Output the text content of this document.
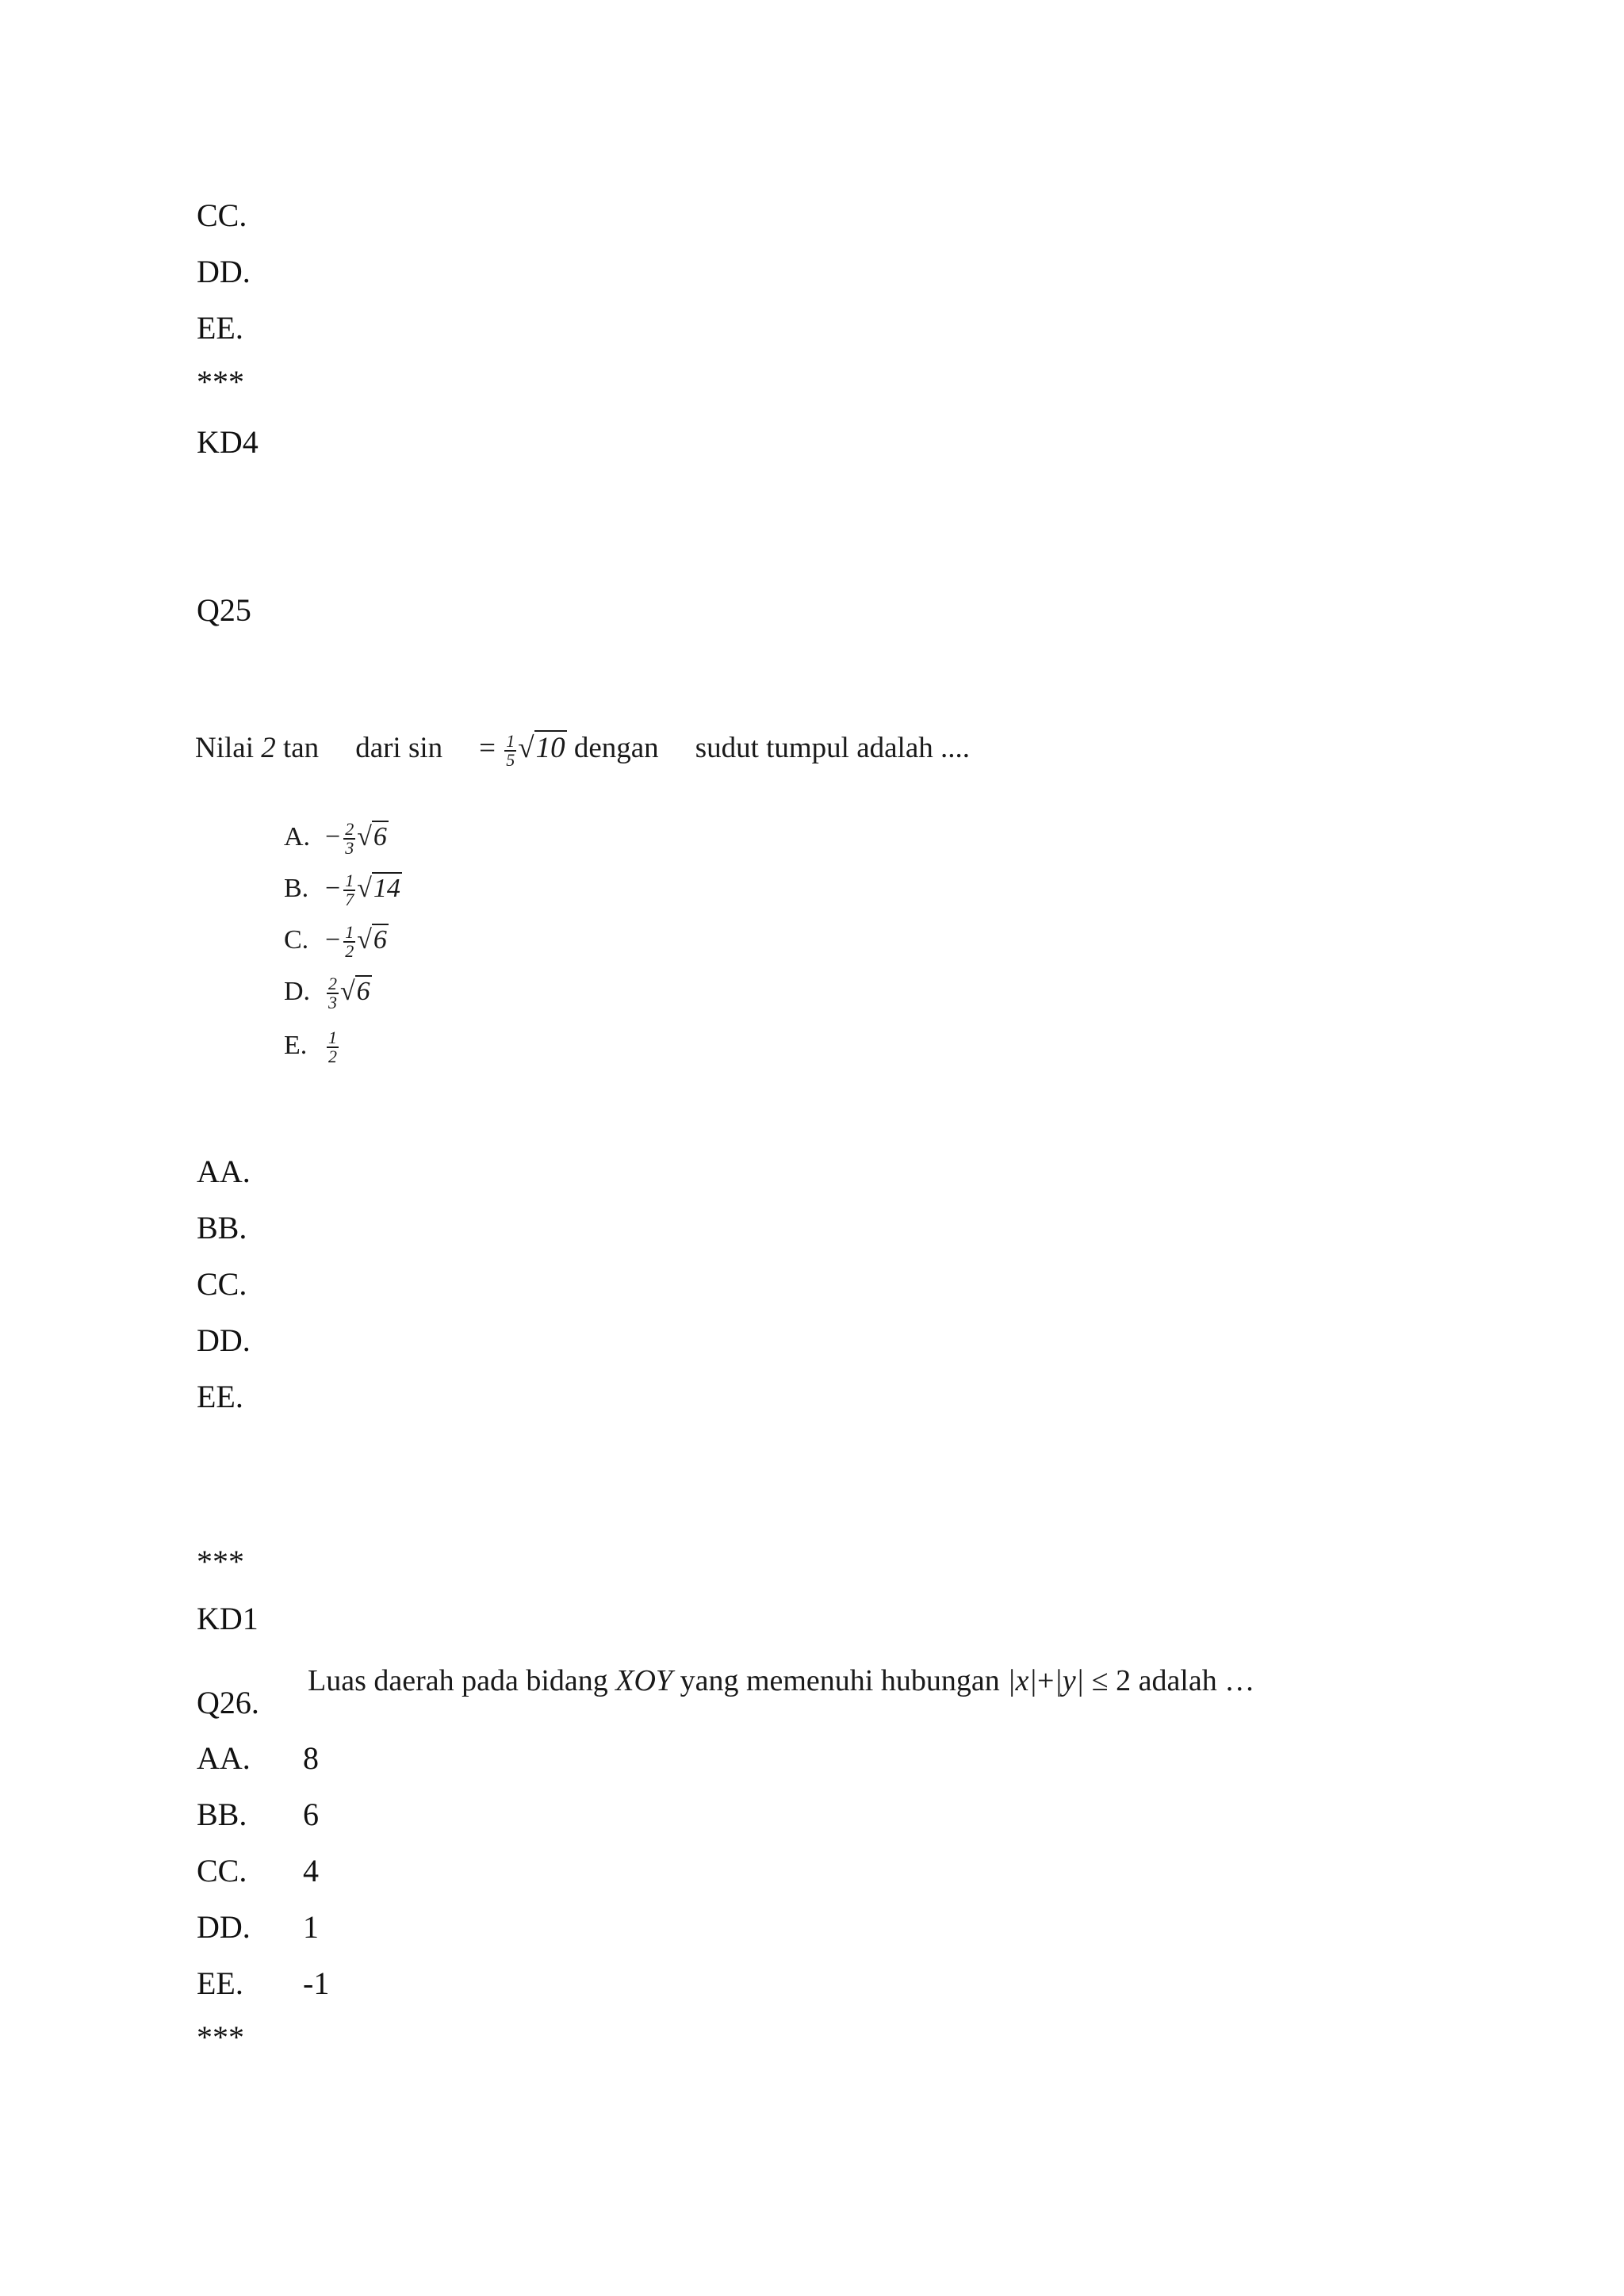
CC.
DD.
EE.
***
KD4
Q25
Nilai 2 tan dari $\sin = \frac{1}{5} √10$ dengan sudut tumpul adalah ....
A. − $\frac{2}{3} √6$
B. − $\frac{1}{7} √14$
C. − $\frac{1}{2} √6$
D. $\frac{2}{3} √6$
E. $\frac{1}{2}$
AA.
BB.
CC.
DD.
EE.
***
KD1
Q26.
Luas daerah pada bidang XOY yang memenuhi hubungan |x|+|y| ≤ 2 adalah …
AA. 8
BB. 6
CC. 4
DD. 1
EE. -1
***
